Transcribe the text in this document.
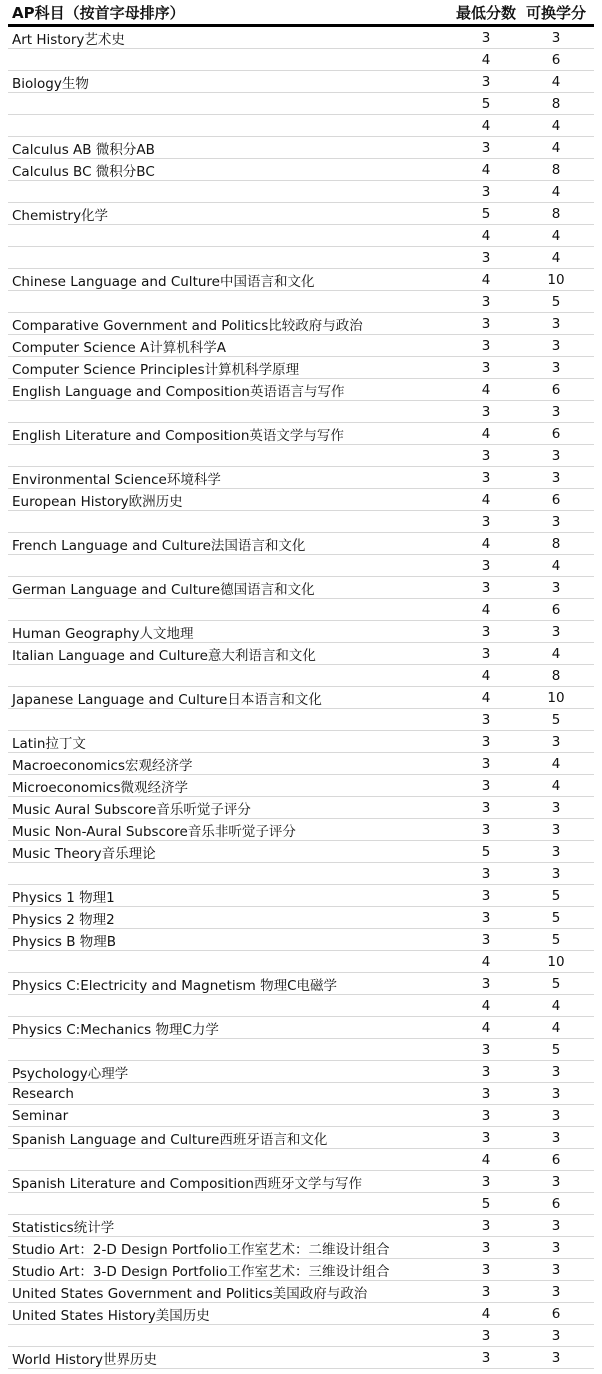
AP科目（按首字母排序）	最低分数 可换学分
Art History艺术史	3	3
4	6
Biology生物	3	4
5	8
4	4
Calculus AB 微积分AB	3	4
Calculus BC 微积分BC	4	8
3	4
Chemistry化学	5	8
4	4
3	4
Chinese Language and Culture中国语言和文化	4	10
3	5
Comparative Government and Politics比较政府与政治	3	3
Computer Science A计算机科学A	3	3
Computer Science Principles计算机科学原理	3	3
English Language and Composition英语语言与写作	4	6
3	3
English Literature and Composition英语文学与写作	4	6
3	3
Environmental Science环境科学	3	3
European History欧洲历史	4	6
3	3
French Language and Culture法国语言和文化	4	8
3	4
German Language and Culture德国语言和文化	3	3
4	6
Human Geography人文地理	3	3
Italian Language and Culture意大利语言和文化	3	4
4	8
Japanese Language and Culture日本语言和文化	4	10
3	5
Latin拉丁文	3	3
Macroeconomics宏观经济学	3	4
Microeconomics微观经济学	3	4
Music Aural Subscore音乐听觉子评分	3	3
Music Non-Aural Subscore音乐非听觉子评分	3	3
Music Theory音乐理论	5	3
3	3
Physics 1 物理1	3	5
Physics 2 物理2	3	5
Physics B 物理B	3	5
4	10
Physics C:Electricity and Magnetism 物理C电磁学	3	5
4	4
Physics C:Mechanics 物理C力学	4	4
3	5
Psychology心理学	3	3
Research	3	3
Seminar	3	3
Spanish Language and Culture西班牙语言和文化	3	3
4	6
Spanish Literature and Composition西班牙文学与写作	3	3
5	6
Statistics统计学	3	3
Studio Art：2-D Design Portfolio工作室艺术：二维设计组合	3	3
Studio Art：3-D Design Portfolio工作室艺术：三维设计组合	3	3
United States Government and Politics美国政府与政治	3	3
United States History美国历史	4	6
3	3
World History世界历史	3	3
